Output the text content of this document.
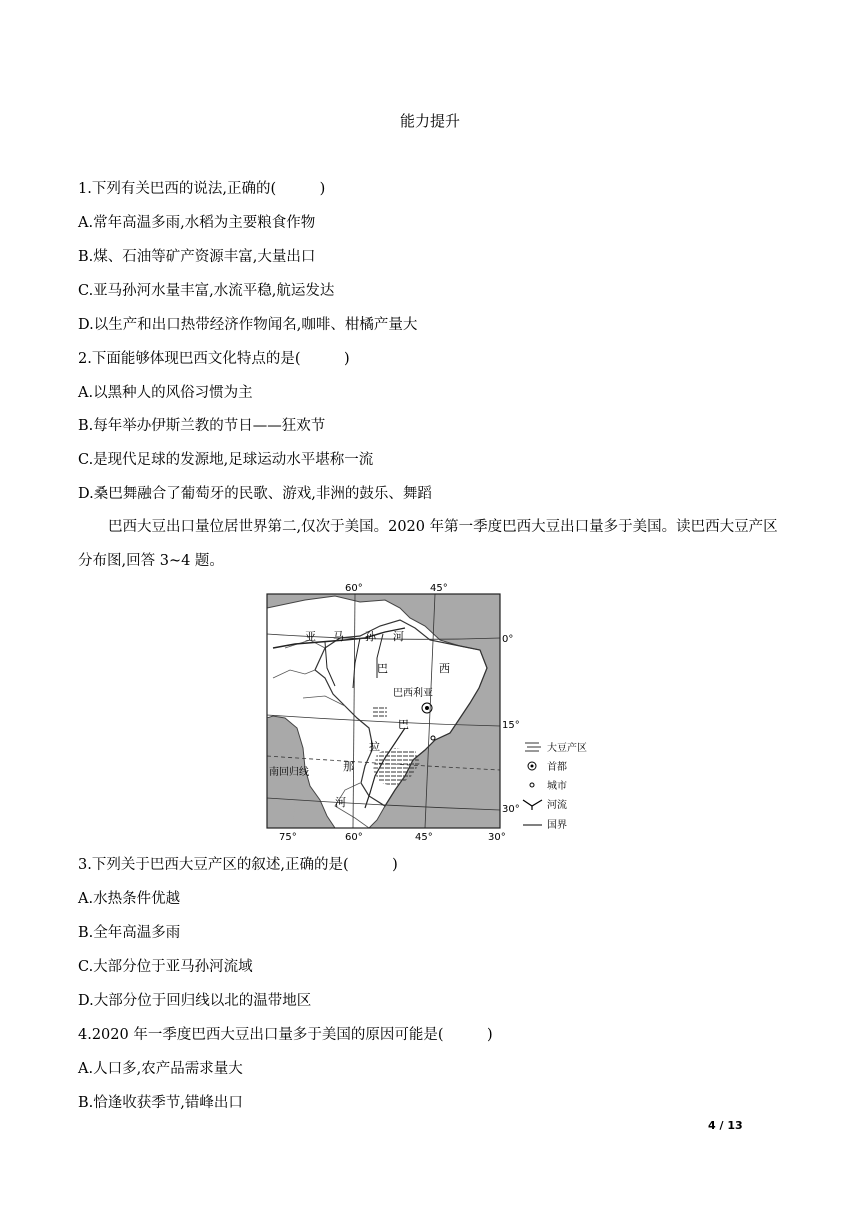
能力提升
1.下列有关巴西的说法,正确的(　　　)
A.常年高温多雨,水稻为主要粮食作物
B.煤、石油等矿产资源丰富,大量出口
C.亚马孙河水量丰富,水流平稳,航运发达
D.以生产和出口热带经济作物闻名,咖啡、柑橘产量大
2.下面能够体现巴西文化特点的是(　　　)
A.以黑种人的风俗习惯为主
B.每年举办伊斯兰教的节日——狂欢节
C.是现代足球的发源地,足球运动水平堪称一流
D.桑巴舞融合了葡萄牙的民歌、游戏,非洲的鼓乐、舞蹈
巴西大豆出口量位居世界第二,仅次于美国。2020 年第一季度巴西大豆出口量多于美国。读巴西大豆产区分布图,回答 3~4 题。
60°	45°
75°	60°	45°	30°
0°
15°
30°
南回归线
亚 马 孙 河
巴	西
巴西利亚
巴
拉
那
河
大豆产区
首都
城市
河流
国界
3.下列关于巴西大豆产区的叙述,正确的是(　　　)
A.水热条件优越
B.全年高温多雨
C.大部分位于亚马孙河流域
D.大部分位于回归线以北的温带地区
4.2020 年一季度巴西大豆出口量多于美国的原因可能是(　　　)
A.人口多,农产品需求量大
B.恰逢收获季节,错峰出口
4 / 13
